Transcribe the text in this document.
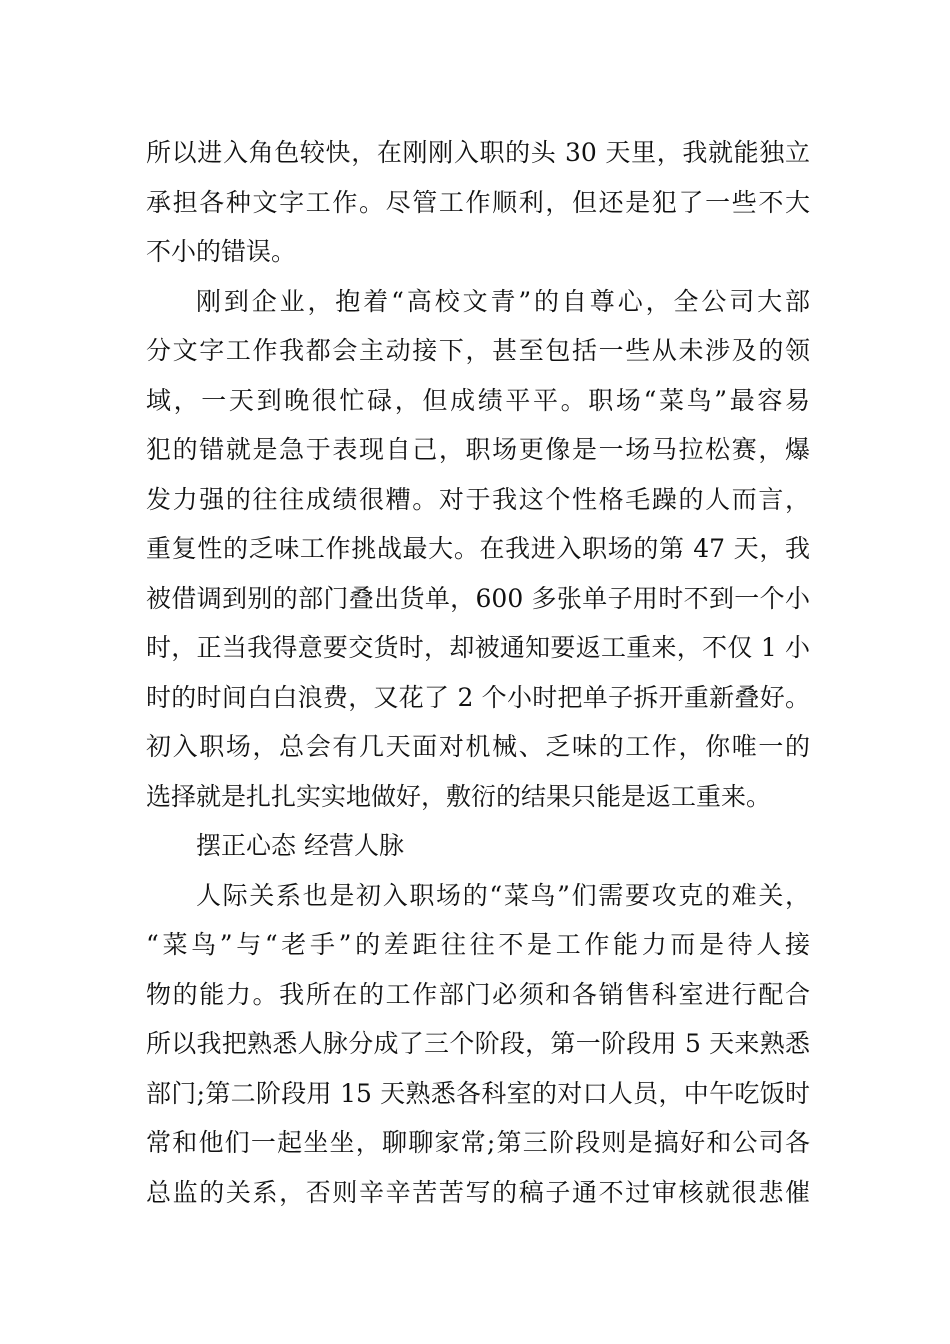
所以进入角色较快，在刚刚入职的头 30 天里，我就能独立
承担各种文字工作。尽管工作顺利，但还是犯了一些不大
不小的错误。
刚到企业，抱着“高校文青”的自尊心，全公司大部
分文字工作我都会主动接下，甚至包括一些从未涉及的领
域，一天到晚很忙碌，但成绩平平。职场“菜鸟”最容易
犯的错就是急于表现自己，职场更像是一场马拉松赛，爆
发力强的往往成绩很糟。对于我这个性格毛躁的人而言，
重复性的乏味工作挑战最大。在我进入职场的第 47 天，我
被借调到别的部门叠出货单，600 多张单子用时不到一个小
时，正当我得意要交货时，却被通知要返工重来，不仅 1 小
时的时间白白浪费，又花了 2 个小时把单子拆开重新叠好。
初入职场，总会有几天面对机械、乏味的工作，你唯一的
选择就是扎扎实实地做好，敷衍的结果只能是返工重来。
摆正心态 经营人脉
人际关系也是初入职场的“菜鸟”们需要攻克的难关，
“菜鸟”与“老手”的差距往往不是工作能力而是待人接
物的能力。我所在的工作部门必须和各销售科室进行配合
所以我把熟悉人脉分成了三个阶段，第一阶段用 5 天来熟悉
部门;第二阶段用 15 天熟悉各科室的对口人员，中午吃饭时
常和他们一起坐坐，聊聊家常;第三阶段则是搞好和公司各
总监的关系，否则辛辛苦苦写的稿子通不过审核就很悲催
